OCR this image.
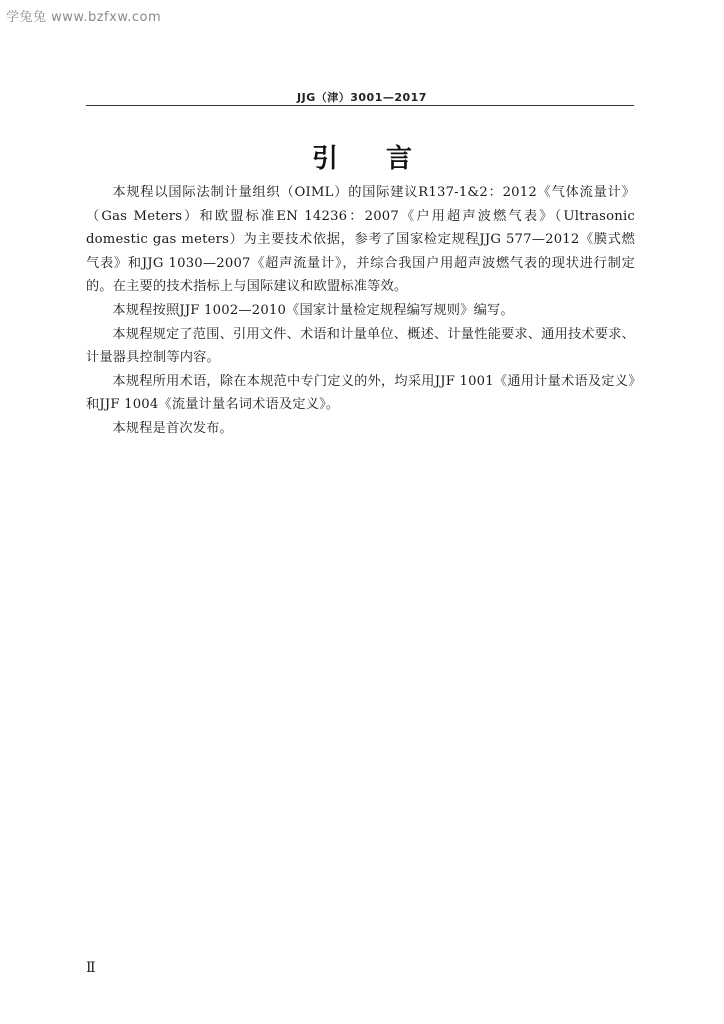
学兔兔 www.bzfxw.com
JJG（津）3001—2017
引言

本规程以国际法制计量组织（OIML）的国际建议R137-1&2：2012《气体流量计》（Gas Meters）和欧盟标准EN 14236：2007《户用超声波燃气表》（Ultrasonic domestic gas meters）为主要技术依据，参考了国家检定规程JJG 577—2012《膜式燃气表》和JJG 1030—2007《超声流量计》，并综合我国户用超声波燃气表的现状进行制定的。在主要的技术指标上与国际建议和欧盟标准等效。

本规程按照JJF 1002—2010《国家计量检定规程编写规则》编写。

本规程规定了范围、引用文件、术语和计量单位、概述、计量性能要求、通用技术要求、计量器具控制等内容。

本规程所用术语，除在本规范中专门定义的外，均采用JJF 1001《通用计量术语及定义》和JJF 1004《流量计量名词术语及定义》。

本规程是首次发布。

Ⅱ
